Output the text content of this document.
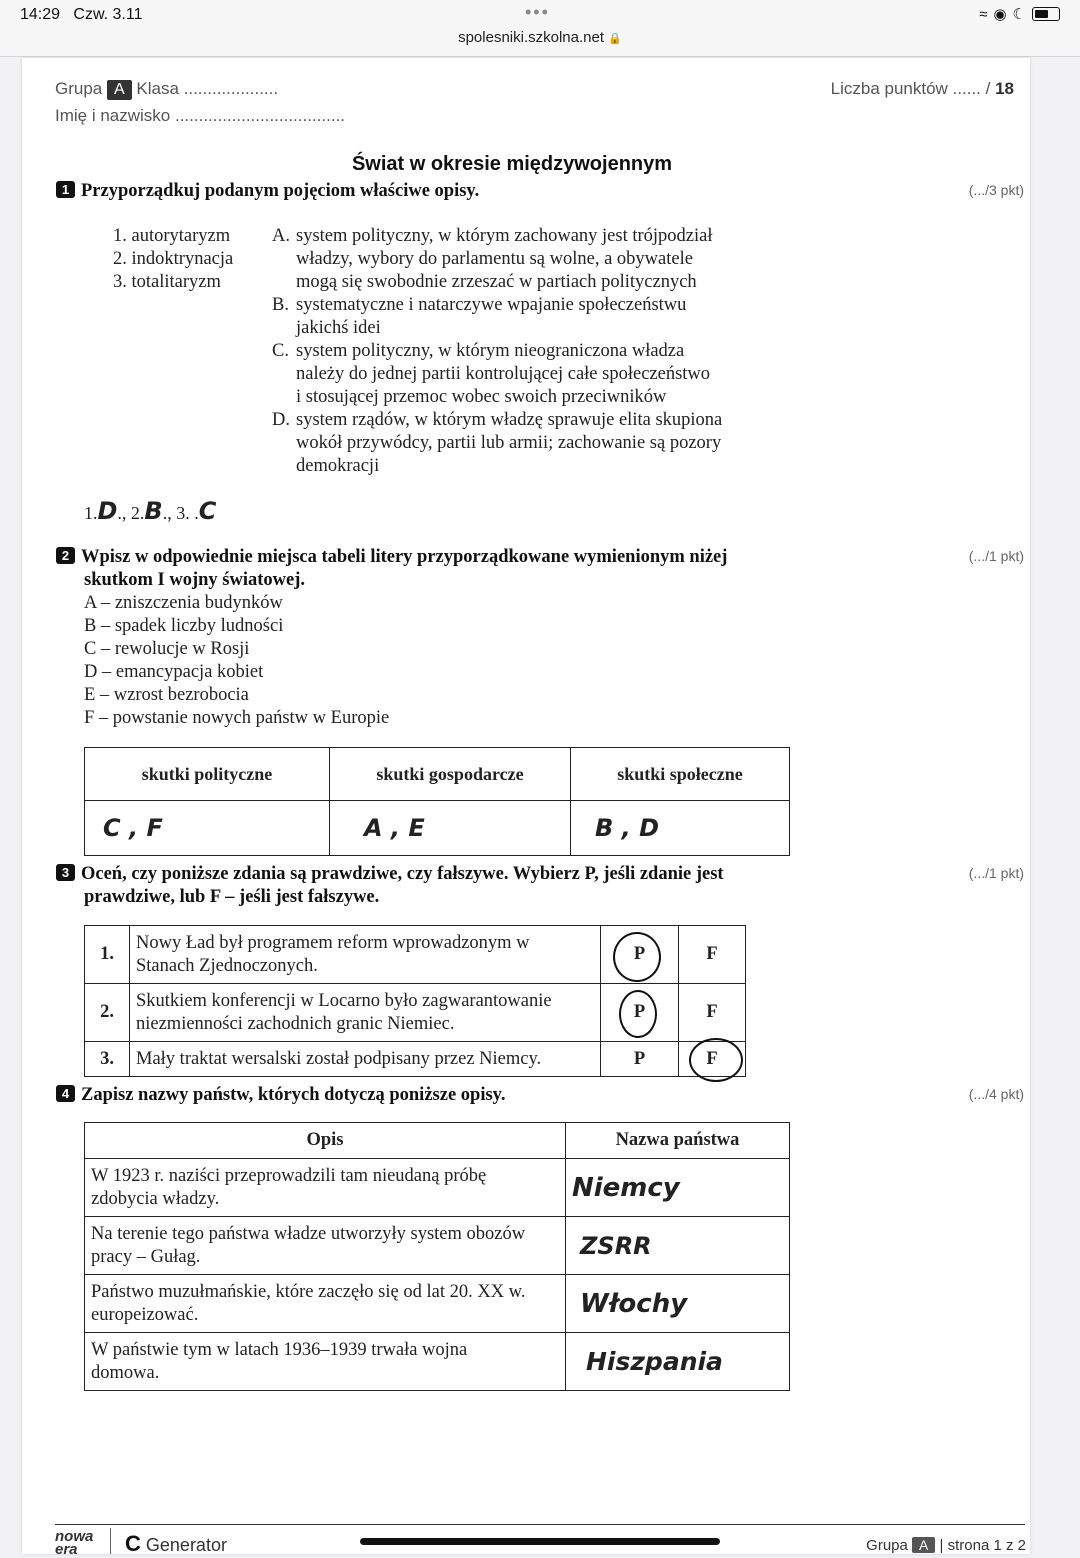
14:29 Czw. 3.11	•••
spolesniki.szkolna.net 🔒
≈ ◉ ☾
Grupa A Klasa ....................
Imię i nazwisko ....................................
Liczba punktów ...... / 18
Świat w okresie międzywojennym
1 Przyporządkuj podanym pojęciom właściwe opisy.	(.../3 pkt)
1. autorytaryzm
2. indoktrynacja
3. totalitaryzm
A. system polityczny, w którym zachowany jest trójpodział
władzy, wybory do parlamentu są wolne, a obywatele
mogą się swobodnie zrzeszać w partiach politycznych
B. systematyczne i natarczywe wpajanie społeczeństwu
jakichś idei
C. system polityczny, w którym nieograniczona władza
należy do jednej partii kontrolującej całe społeczeństwo
i stosującej przemoc wobec swoich przeciwników
D. system rządów, w którym władzę sprawuje elita skupiona
wokół przywódcy, partii lub armii; zachowanie są pozory
demokracji
1.D., 2.B., 3. .C
2 Wpisz w odpowiednie miejsca tabeli litery przyporządkowane wymienionym niżej
skutkom I wojny światowej.
(.../1 pkt)
A – zniszczenia budynków
B – spadek liczby ludności
C – rewolucje w Rosji
D – emancypacja kobiet
E – wzrost bezrobocia
F – powstanie nowych państw w Europie
skutki polityczne	skutki gospodarcze	skutki społeczne
C , F	A , E	B , D
3 Oceń, czy poniższe zdania są prawdziwe, czy fałszywe. Wybierz P, jeśli zdanie jest
prawdziwe, lub F – jeśli jest fałszywe.
(.../1 pkt)
1.	Nowy Ład był programem reform wprowadzonym w
Stanach Zjednoczonych.	P	F
2.	Skutkiem konferencji w Locarno było zagwarantowanie
niezmienności zachodnich granic Niemiec.	P	F
3.	Mały traktat wersalski został podpisany przez Niemcy.	P	F
4 Zapisz nazwy państw, których dotyczą poniższe opisy.	(.../4 pkt)
Opis	Nazwa państwa

W 1923 r. naziści przeprowadzili tam nieudaną próbę
zdobycia władzy.	Niemcy

Na terenie tego państwa władze utworzyły system obozów
pracy – Gułag.	ZSRR

Państwo muzułmańskie, które zaczęło się od lat 20. XX w.
europeizować.	Włochy

W państwie tym w latach 1936–1939 trwała wojna
domowa.	Hiszpania
nowa
era	С Generator	Grupa A | strona 1 z 2
